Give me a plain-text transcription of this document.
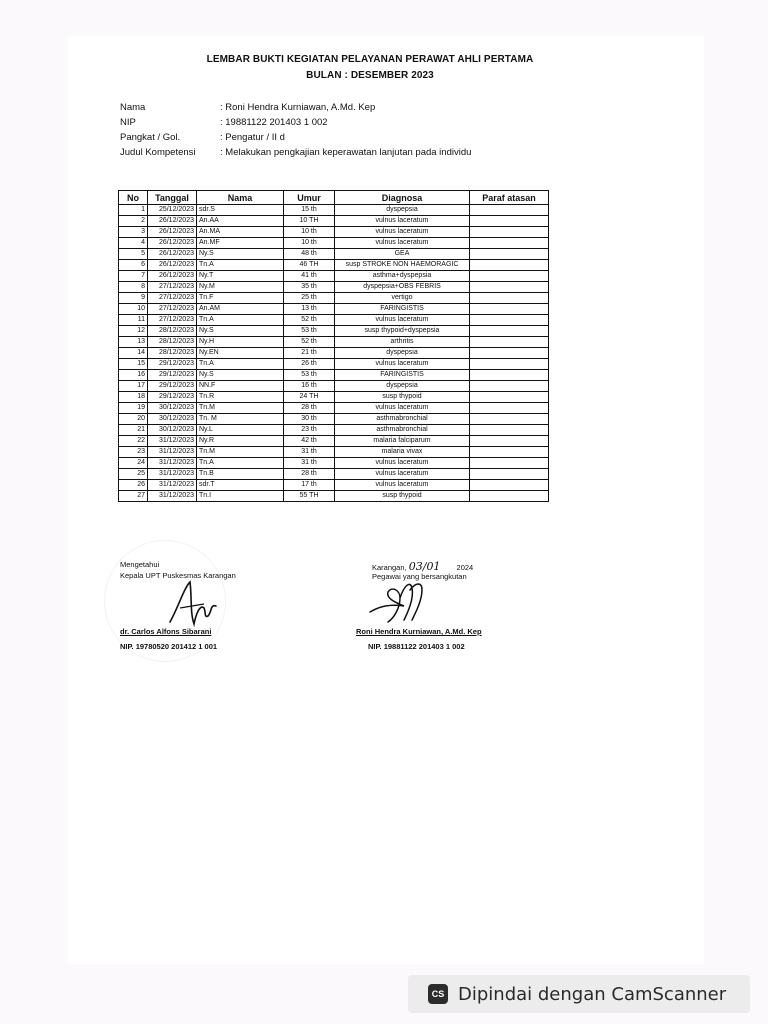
LEMBAR BUKTI KEGIATAN PELAYANAN PERAWAT AHLI PERTAMA
BULAN : DESEMBER 2023
Nama	: Roni Hendra Kurniawan, A.Md. Kep
NIP	: 19881122 201403 1 002
Pangkat / Gol.	: Pengatur / II d
Judul Kompetensi	: Melakukan pengkajian keperawatan lanjutan pada individu
No	Tanggal	Nama	Umur	Diagnosa	Paraf atasan
1	25/12/2023	sdr.S	15 th	dyspepsia	
2	26/12/2023	An.AA	10 TH	vulnus laceratum	
3	26/12/2023	An.MA	10 th	vulnus laceratum	
4	26/12/2023	An.MF	10 th	vulnus laceratum	
5	26/12/2023	Ny.S	48 th	GEA	
6	26/12/2023	Tn.A	46 TH	susp STROKE NON HAEMORAGIC	
7	26/12/2023	Ny.T	41 th	asthma+dyspepsia	
8	27/12/2023	Ny.M	35 th	dyspepsia+OBS FEBRIS	
9	27/12/2023	Tn.F	25 th	vertigo	
10	27/12/2023	An.AM	13 th	FARINGISTIS	
11	27/12/2023	Tn.A	52 th	vulnus laceratum	
12	28/12/2023	Ny.S	53 th	susp thypoid+dyspepsia	
13	28/12/2023	Ny.H	52 th	arthritis	
14	28/12/2023	Ny.EN	21 th	dyspepsia	
15	29/12/2023	Tn.A	26 th	vulnus laceratum	
16	29/12/2023	Ny.S	53 th	FARINGISTIS	
17	29/12/2023	NN.F	16 th	dyspepsia	
18	29/12/2023	Tn.R	24 TH	susp thypoid	
19	30/12/2023	Tn.M	28 th	vulnus laceratum	
20	30/12/2023	Tn. M	30 th	asthmabronchial	
21	30/12/2023	Ny.L	23 th	asthmabronchial	
22	31/12/2023	Ny.R	42 th	malaria falciparum	
23	31/12/2023	Tn.M	31 th	malaria vivax	
24	31/12/2023	Tn.A	31 th	vulnus laceratum	
25	31/12/2023	Tn.B	28 th	vulnus laceratum	
26	31/12/2023	sdr.T	17 th	vulnus laceratum	
27	31/12/2023	Tn.I	55 TH	susp thypoid	
Mengetahui
Kepala UPT Puskesmas Karangan
dr. Carlos Alfons Sibarani
NIP. 19780520 201412 1 001
Karangan, 03/01 2024
Pegawai yang bersangkutan
Roni Hendra Kurniawan, A.Md. Kep
NIP. 19881122 201403 1 002
CS Dipindai dengan CamScanner
